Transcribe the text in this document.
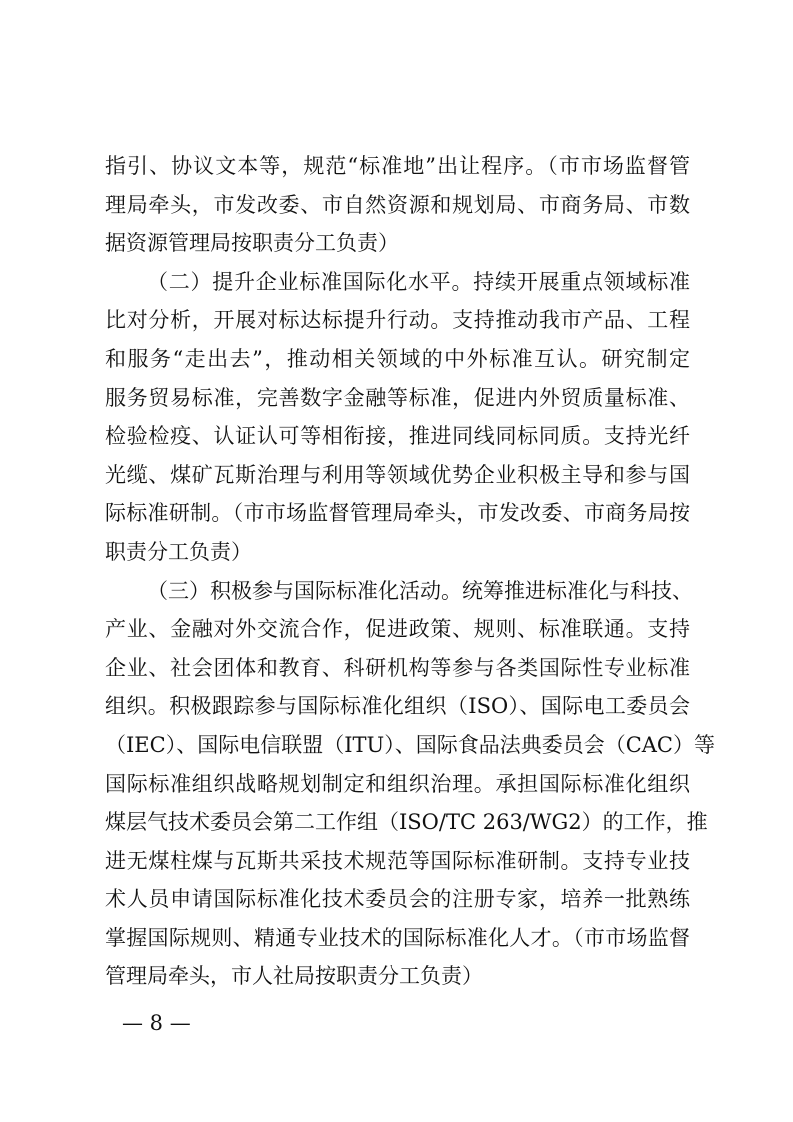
指引、协议文本等，规范“标准地”出让程序。（市市场监督管
理局牵头，市发改委、市自然资源和规划局、市商务局、市数
据资源管理局按职责分工负责）
（二）提升企业标准国际化水平。持续开展重点领域标准
比对分析，开展对标达标提升行动。支持推动我市产品、工程
和服务“走出去”，推动相关领域的中外标准互认。研究制定
服务贸易标准，完善数字金融等标准，促进内外贸质量标准、
检验检疫、认证认可等相衔接，推进同线同标同质。支持光纤
光缆、煤矿瓦斯治理与利用等领域优势企业积极主导和参与国
际标准研制。（市市场监督管理局牵头，市发改委、市商务局按
职责分工负责）
（三）积极参与国际标准化活动。统筹推进标准化与科技、
产业、金融对外交流合作，促进政策、规则、标准联通。支持
企业、社会团体和教育、科研机构等参与各类国际性专业标准
组织。积极跟踪参与国际标准化组织（ISO）、国际电工委员会
（IEC）、国际电信联盟（ITU）、国际食品法典委员会（CAC）等
国际标准组织战略规划制定和组织治理。承担国际标准化组织
煤层气技术委员会第二工作组（ISO/TC 263/WG2）的工作，推
进无煤柱煤与瓦斯共采技术规范等国际标准研制。支持专业技
术人员申请国际标准化技术委员会的注册专家，培养一批熟练
掌握国际规则、精通专业技术的国际标准化人才。（市市场监督
管理局牵头，市人社局按职责分工负责）
— 8 —
